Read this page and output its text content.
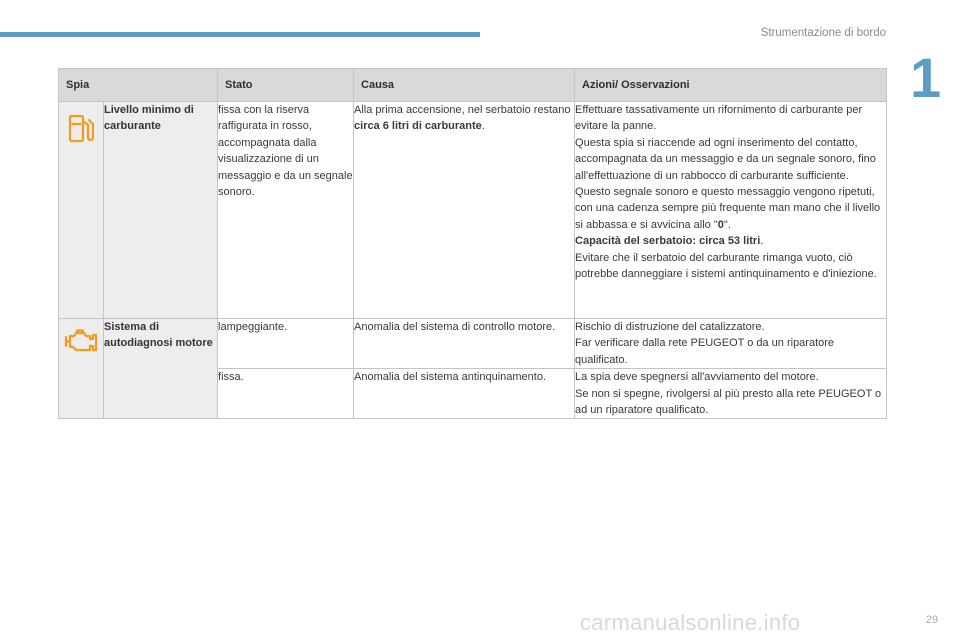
Strumentazione di bordo
1
Spia		Stato	Causa	Azioni/ Osservazioni

	Livello minimo di carburante	fissa con la riserva raffigurata in rosso, accompagnata dalla visualizzazione di un messaggio e da un segnale sonoro.	Alla prima accensione, nel serbatoio restano circa 6 litri di carburante.	Effettuare tassativamente un rifornimento di carburante per evitare la panne.
Questa spia si riaccende ad ogni inserimento del contatto, accompagnata da un messaggio e da un segnale sonoro, fino all'effettuazione di un rabbocco di carburante sufficiente.
Questo segnale sonoro e questo messaggio vengono ripetuti, con una cadenza sempre più frequente man mano che il livello si abbassa e si avvicina allo "0".
Capacità del serbatoio: circa 53 litri.
Evitare che il serbatoio del carburante rimanga vuoto, ciò potrebbe danneggiare i sistemi antinquinamento e d'iniezione.

	Sistema di autodiagnosi motore	lampeggiante.	Anomalia del sistema di controllo motore.	Rischio di distruzione del catalizzatore.
Far verificare dalla rete PEUGEOT o da un riparatore qualificato.

		fissa.	Anomalia del sistema antinquinamento.	La spia deve spegnersi all'avviamento del motore.
Se non si spegne, rivolgersi al più presto alla rete PEUGEOT o ad un riparatore qualificato.
carmanualsonline.info	29
